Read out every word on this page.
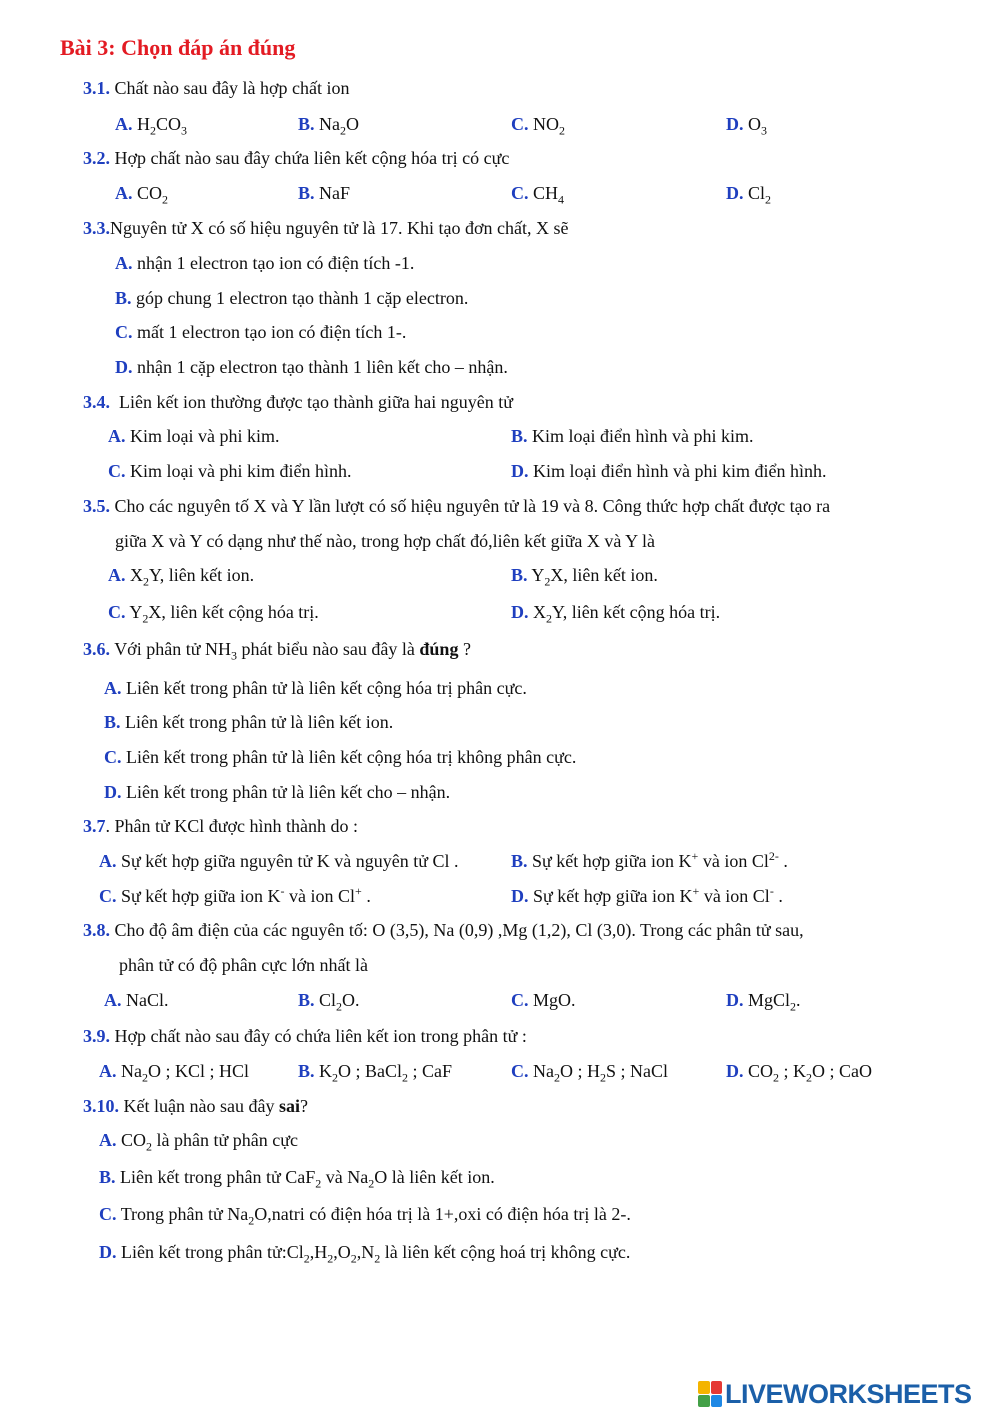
Bài 3: Chọn đáp án đúng
3.1. Chất nào sau đây là hợp chất ion
A. $H_2CO_3$	B. $Na_2O$	C. $NO_2$	D. $O_3$
3.2. Hợp chất nào sau đây chứa liên kết cộng hóa trị có cực
A. $CO_2$	B. NaF	C. $CH_4$	D. $Cl_2$
3.3.Nguyên tử X có số hiệu nguyên tử là 17. Khi tạo đơn chất, X sẽ
A. nhận 1 electron tạo ion có điện tích -1.
B. góp chung 1 electron tạo thành 1 cặp electron.
C. mất 1 electron tạo ion có điện tích 1-.
D. nhận 1 cặp electron tạo thành 1 liên kết cho – nhận.
3.4. Liên kết ion thường được tạo thành giữa hai nguyên tử
A. Kim loại và phi kim.	B. Kim loại điển hình và phi kim.
C. Kim loại và phi kim điển hình.	D. Kim loại điển hình và phi kim điển hình.
3.5. Cho các nguyên tố X và Y lần lượt có số hiệu nguyên tử là 19 và 8. Công thức hợp chất được tạo ra
giữa X và Y có dạng như thế nào, trong hợp chất đó,liên kết giữa X và Y là
A. $X_2Y$, liên kết ion.	B. $Y_2X$, liên kết ion.
C. $Y_2X$, liên kết cộng hóa trị.	D. $X_2Y$, liên kết cộng hóa trị.
3.6. Với phân tử $NH_3$ phát biểu nào sau đây là đúng ?
A. Liên kết trong phân tử là liên kết cộng hóa trị phân cực.
B. Liên kết trong phân tử là liên kết ion.
C. Liên kết trong phân tử là liên kết cộng hóa trị không phân cực.
D. Liên kết trong phân tử là liên kết cho – nhận.
3.7. Phân tử KCl được hình thành do :
A. Sự kết hợp giữa nguyên tử K và nguyên tử Cl .	B. Sự kết hợp giữa ion K+ và ion $Cl^{2-}$ .
C. Sự kết hợp giữa ion K- và ion Cl+ .	D. Sự kết hợp giữa ion K+ và ion Cl- .
3.8. Cho độ âm điện của các nguyên tố: O (3,5), Na (0,9) ,Mg (1,2), Cl (3,0). Trong các phân tử sau,
phân tử có độ phân cực lớn nhất là
A. NaCl.	B. $Cl_2O$.	C. MgO.	D. MgCl$_2$.
3.9. Hợp chất nào sau đây có chứa liên kết ion trong phân tử :
A. $Na_2O$ ; KCl ; HCl	B. $K_2O$ ; BaCl$_2$ ; CaF	C. $Na_2O$ ; $H_2S$ ; NaCl	D. $CO_2$ ; $K_2O$ ; CaO
3.10. Kết luận nào sau đây sai?
A. $CO_2$ là phân tử phân cực
B. Liên kết trong phân tử CaF$_2$ và $Na_2O$ là liên kết ion.
C. Trong phân tử $Na_2O,natri$ có điện hóa trị là 1+,oxi có điện hóa trị là 2-.
D. Liên kết trong phân $tử:Cl_2,H_2,O_2,N_2$ là liên kết cộng hoá trị không cực.
LIVEWORKSHEETS
